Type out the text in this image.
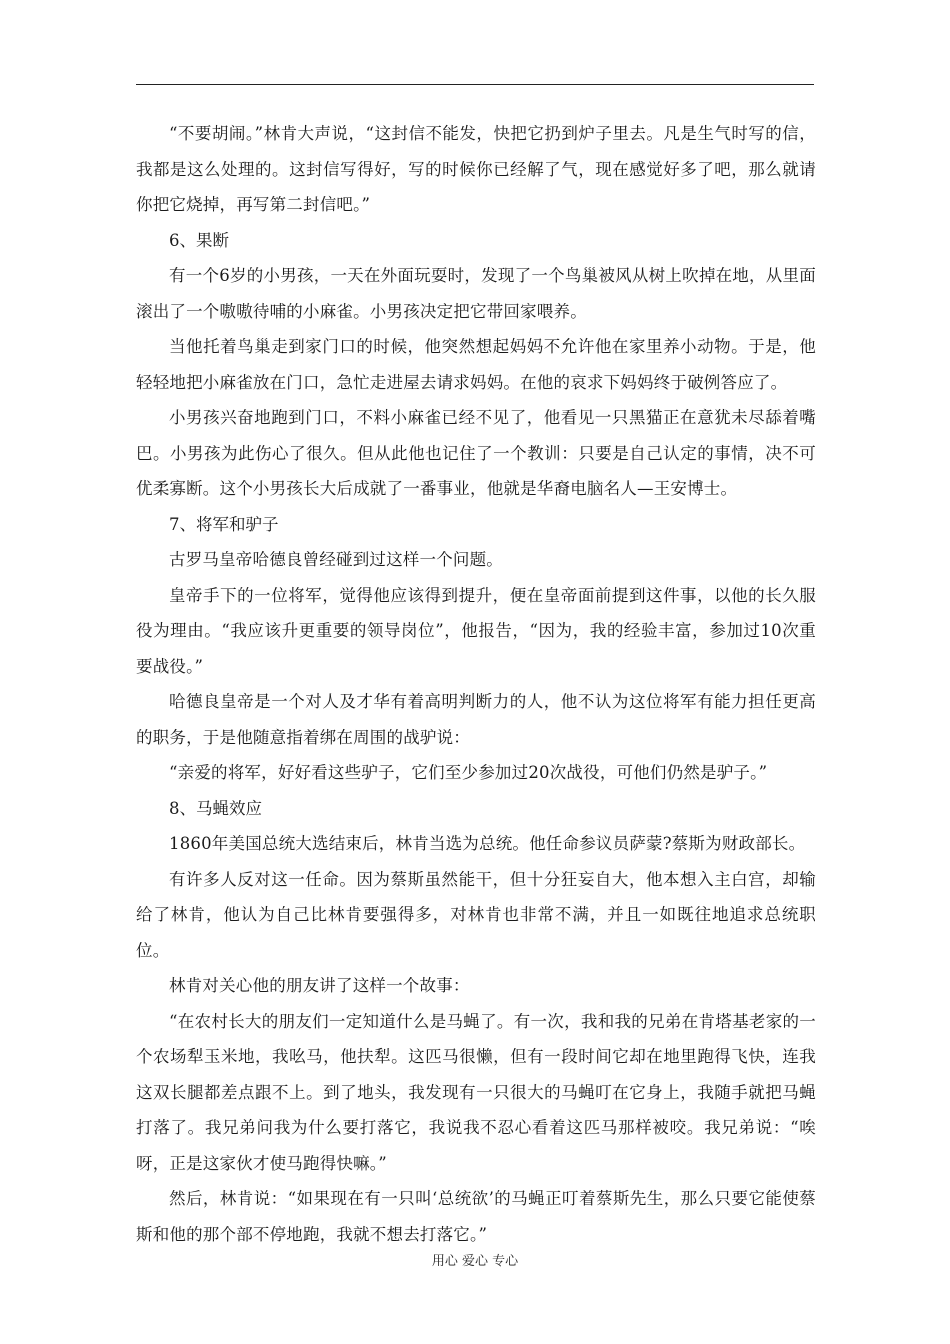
“不要胡闹。”林肯大声说，“这封信不能发，快把它扔到炉子里去。凡是生气时写的信，我都是这么处理的。这封信写得好，写的时候你已经解了气，现在感觉好多了吧，那么就请你把它烧掉，再写第二封信吧。”

6、果断

有一个6岁的小男孩，一天在外面玩耍时，发现了一个鸟巢被风从树上吹掉在地，从里面滚出了一个嗷嗷待哺的小麻雀。小男孩决定把它带回家喂养。

当他托着鸟巢走到家门口的时候，他突然想起妈妈不允许他在家里养小动物。于是，他轻轻地把小麻雀放在门口，急忙走进屋去请求妈妈。在他的哀求下妈妈终于破例答应了。

小男孩兴奋地跑到门口，不料小麻雀已经不见了，他看见一只黑猫正在意犹未尽舔着嘴巴。小男孩为此伤心了很久。但从此他也记住了一个教训：只要是自己认定的事情，决不可优柔寡断。这个小男孩长大后成就了一番事业，他就是华裔电脑名人—王安博士。

7、将军和驴子

古罗马皇帝哈德良曾经碰到过这样一个问题。

皇帝手下的一位将军，觉得他应该得到提升，便在皇帝面前提到这件事，以他的长久服役为理由。“我应该升更重要的领导岗位”，他报告，“因为，我的经验丰富，参加过10次重要战役。”

哈德良皇帝是一个对人及才华有着高明判断力的人，他不认为这位将军有能力担任更高的职务，于是他随意指着绑在周围的战驴说：

“亲爱的将军，好好看这些驴子，它们至少参加过20次战役，可他们仍然是驴子。”

8、马蝇效应

1860年美国总统大选结束后，林肯当选为总统。他任命参议员萨蒙?蔡斯为财政部长。

有许多人反对这一任命。因为蔡斯虽然能干，但十分狂妄自大，他本想入主白宫，却输给了林肯，他认为自己比林肯要强得多，对林肯也非常不满，并且一如既往地追求总统职位。

林肯对关心他的朋友讲了这样一个故事：

“在农村长大的朋友们一定知道什么是马蝇了。有一次，我和我的兄弟在肯塔基老家的一个农场犁玉米地，我吆马，他扶犁。这匹马很懒，但有一段时间它却在地里跑得飞快，连我这双长腿都差点跟不上。到了地头，我发现有一只很大的马蝇叮在它身上，我随手就把马蝇打落了。我兄弟问我为什么要打落它，我说我不忍心看着这匹马那样被咬。我兄弟说：“唉呀，正是这家伙才使马跑得快嘛。”

然后，林肯说：“如果现在有一只叫‘总统欲’的马蝇正叮着蔡斯先生，那么只要它能使蔡斯和他的那个部不停地跑，我就不想去打落它。”

用心 爱心 专心
